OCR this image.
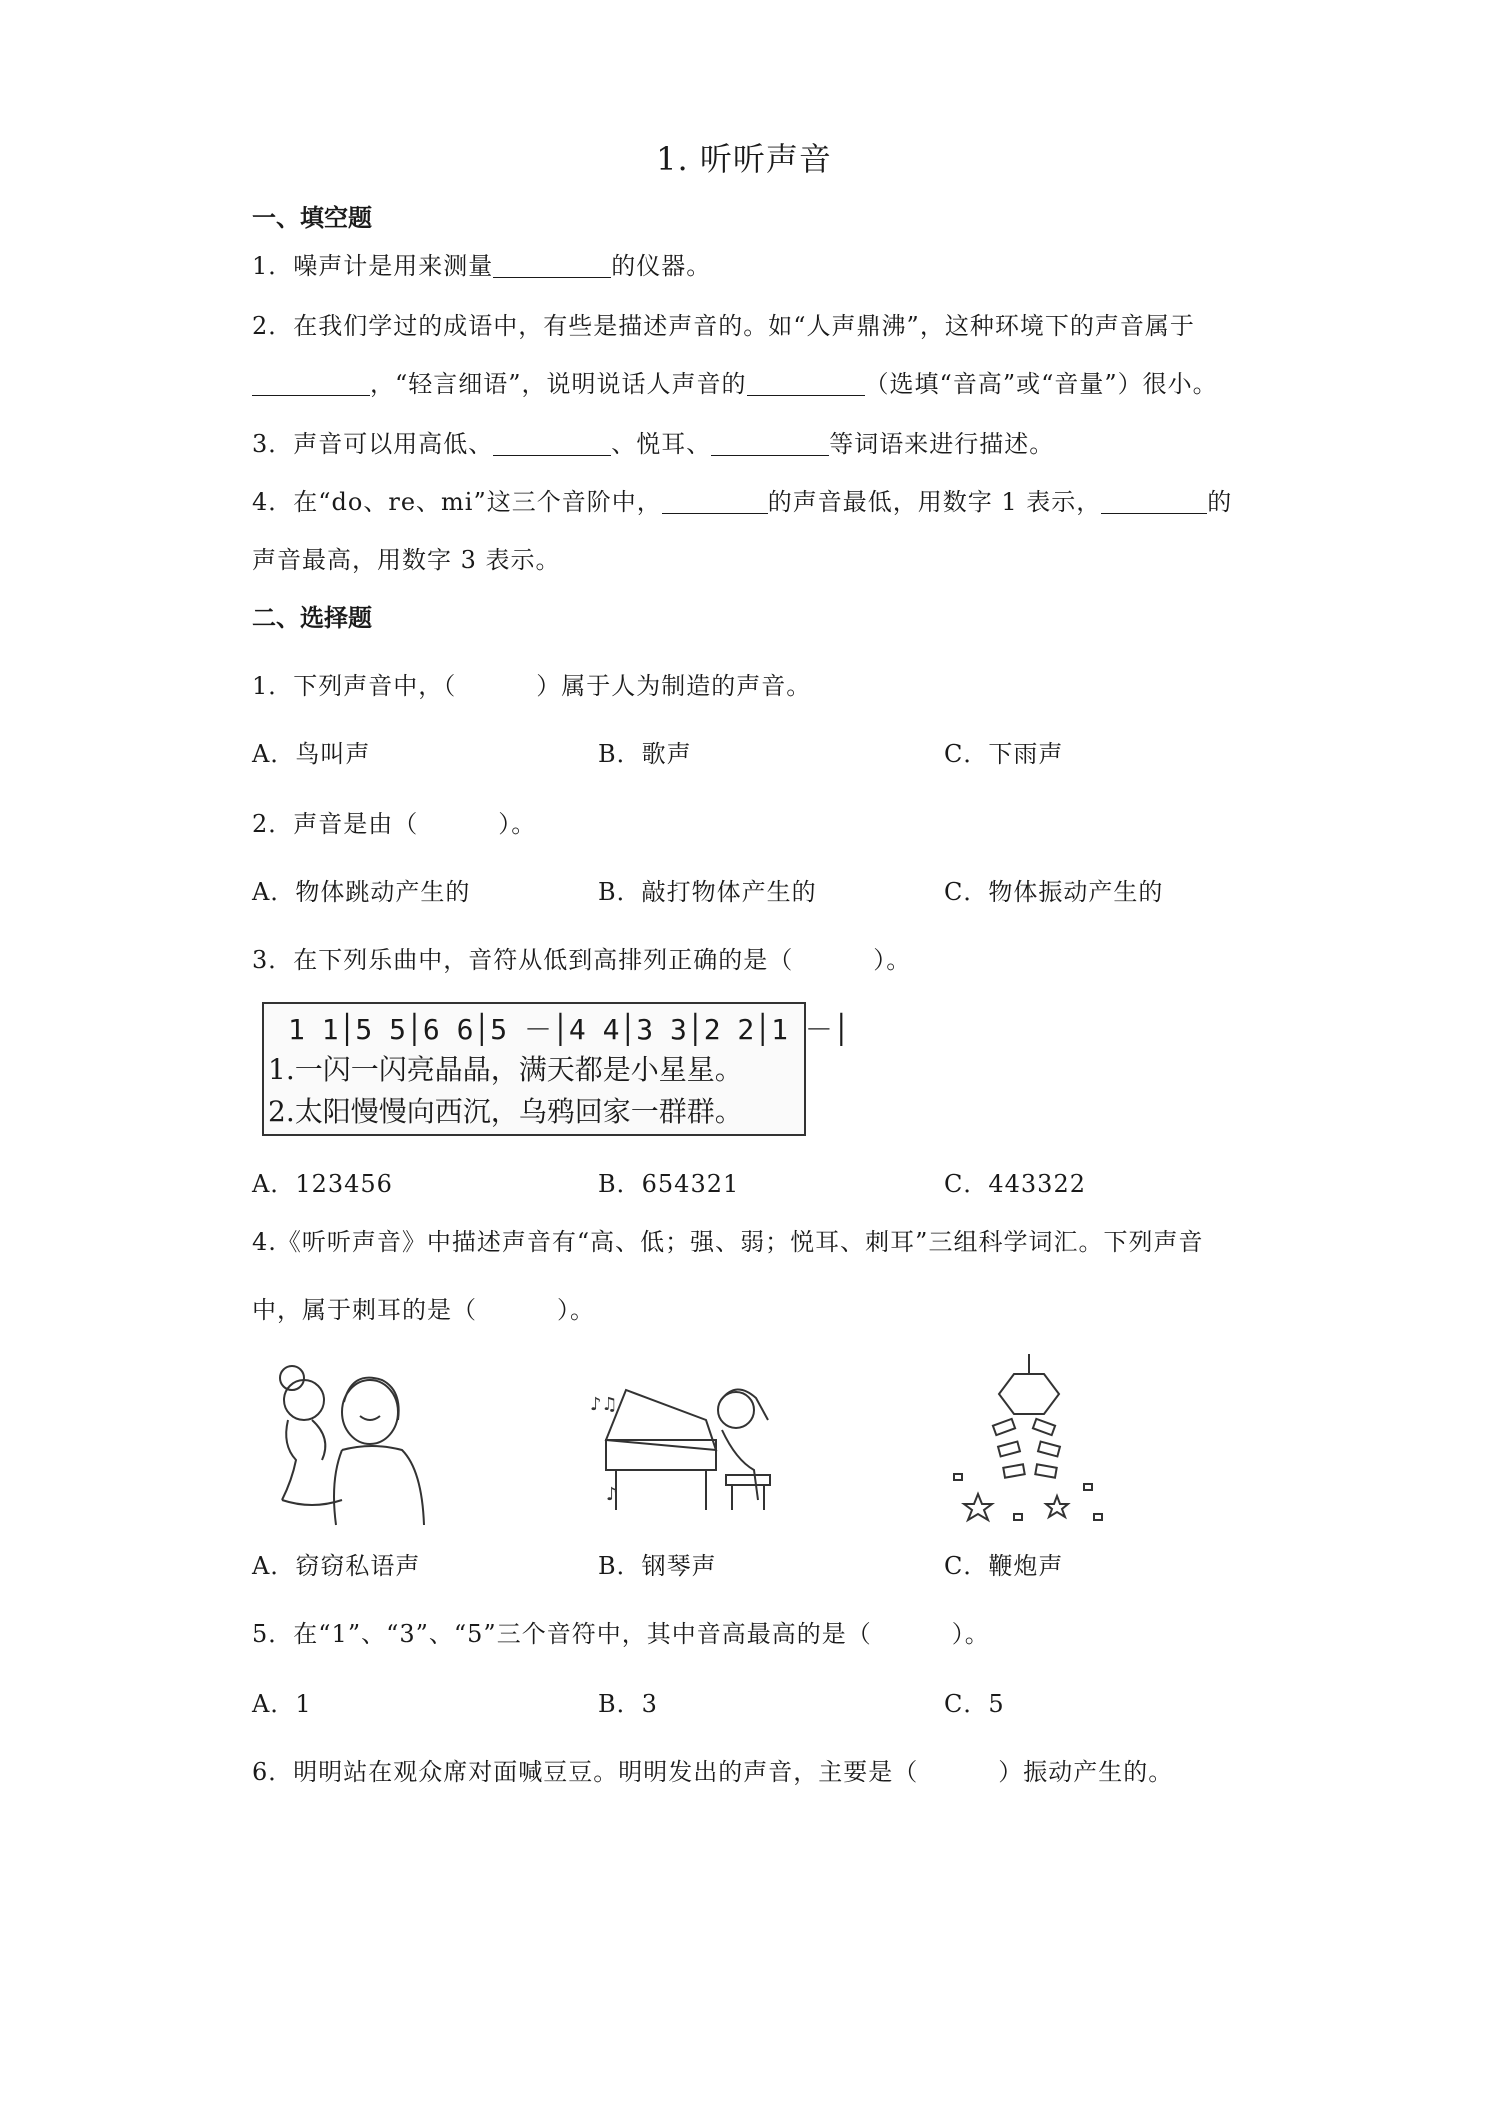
1. 听听声音
一、填空题
1．噪声计是用来测量	的仪器。
2．在我们学过的成语中，有些是描述声音的。如“人声鼎沸”，这种环境下的声音属于
，“轻言细语”，说明说话人声音的	（选填“音高”或“音量”）很小。
3．声音可以用高低、	、悦耳、	等词语来进行描述。
4．在“do、re、mi”这三个音阶中，	的声音最低，用数字 1 表示，	的
声音最高，用数字 3 表示。
二、选择题
1．下列声音中，（	）属于人为制造的声音。
A．鸟叫声	B．歌声	C．下雨声
2．声音是由（	）。
A．物体跳动产生的	B．敲打物体产生的	C．物体振动产生的
3．在下列乐曲中，音符从低到高排列正确的是（	）。
1 1│5 5│6 6│5 －│4 4│3 3│2 2│1 －│
1.一闪一闪亮晶晶，满天都是小星星。
2.太阳慢慢向西沉，乌鸦回家一群群。
A．123456	B．654321	C．443322
4.《听听声音》中描述声音有“高、低；强、弱；悦耳、刺耳”三组科学词汇。下列声音
中，属于刺耳的是（	）。
♪♫
♪
A．窃窃私语声	B．钢琴声	C．鞭炮声
5．在“1”、“3”、“5”三个音符中，其中音高最高的是（	）。
A．1	B．3	C．5
6．明明站在观众席对面喊豆豆。明明发出的声音，主要是（	）振动产生的。
